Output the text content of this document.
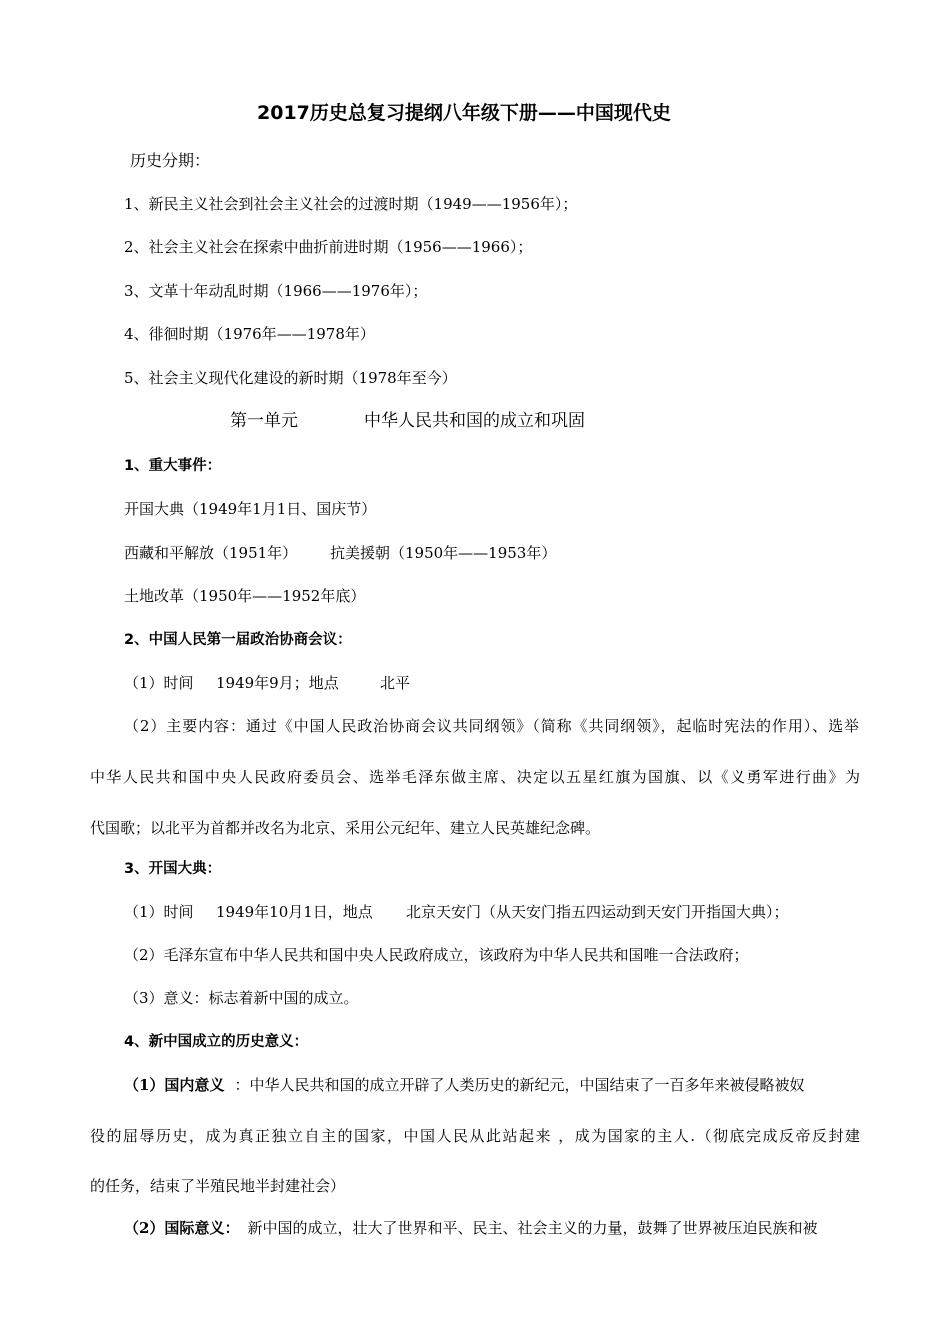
2017历史总复习提纲八年级下册——中国现代史
历史分期：
1、新民主义社会到社会主义社会的过渡时期（1949——1956年）；
2、社会主义社会在探索中曲折前进时期（1956——1966）；
3、文革十年动乱时期（1966——1976年）；
4、徘徊时期（1976年——1978年）
5、社会主义现代化建设的新时期（1978年至今）
第一单元	中华人民共和国的成立和巩固
1、重大事件：
开国大典（1949年1月1日、国庆节）
西藏和平解放（1951年） 抗美援朝（1950年——1953年）
土地改革（1950年——1952年底）
2、中国人民第一届政治协商会议：
（1）时间 1949年9月；地点	北平
（2）主要内容：通过《中国人民政治协商会议共同纲领》（简称《共同纲领》，起临时宪法的作用）、选举
中华人民共和国中央人民政府委员会、选举毛泽东做主席、决定以五星红旗为国旗、以《义勇军进行曲》为
代国歌；以北平为首都并改名为北京、采用公元纪年、建立人民英雄纪念碑。
3、开国大典：
（1）时间 1949年10月1日，地点 北京天安门（从天安门指五四运动到天安门开指国大典）；
（2）毛泽东宣布中华人民共和国中央人民政府成立，该政府为中华人民共和国唯一合法政府；
（3）意义：标志着新中国的成立。
4、新中国成立的历史意义：
（1）国内意义 ：中华人民共和国的成立开辟了人类历史的新纪元，中国结束了一百多年来被侵略被奴
役的屈辱历史，成为真正独立自主的国家，中国人民从此站起来 ，成为国家的主人.（彻底完成反帝反封建
的任务，结束了半殖民地半封建社会）
（2）国际意义： 新中国的成立，壮大了世界和平、民主、社会主义的力量，鼓舞了世界被压迫民族和被
